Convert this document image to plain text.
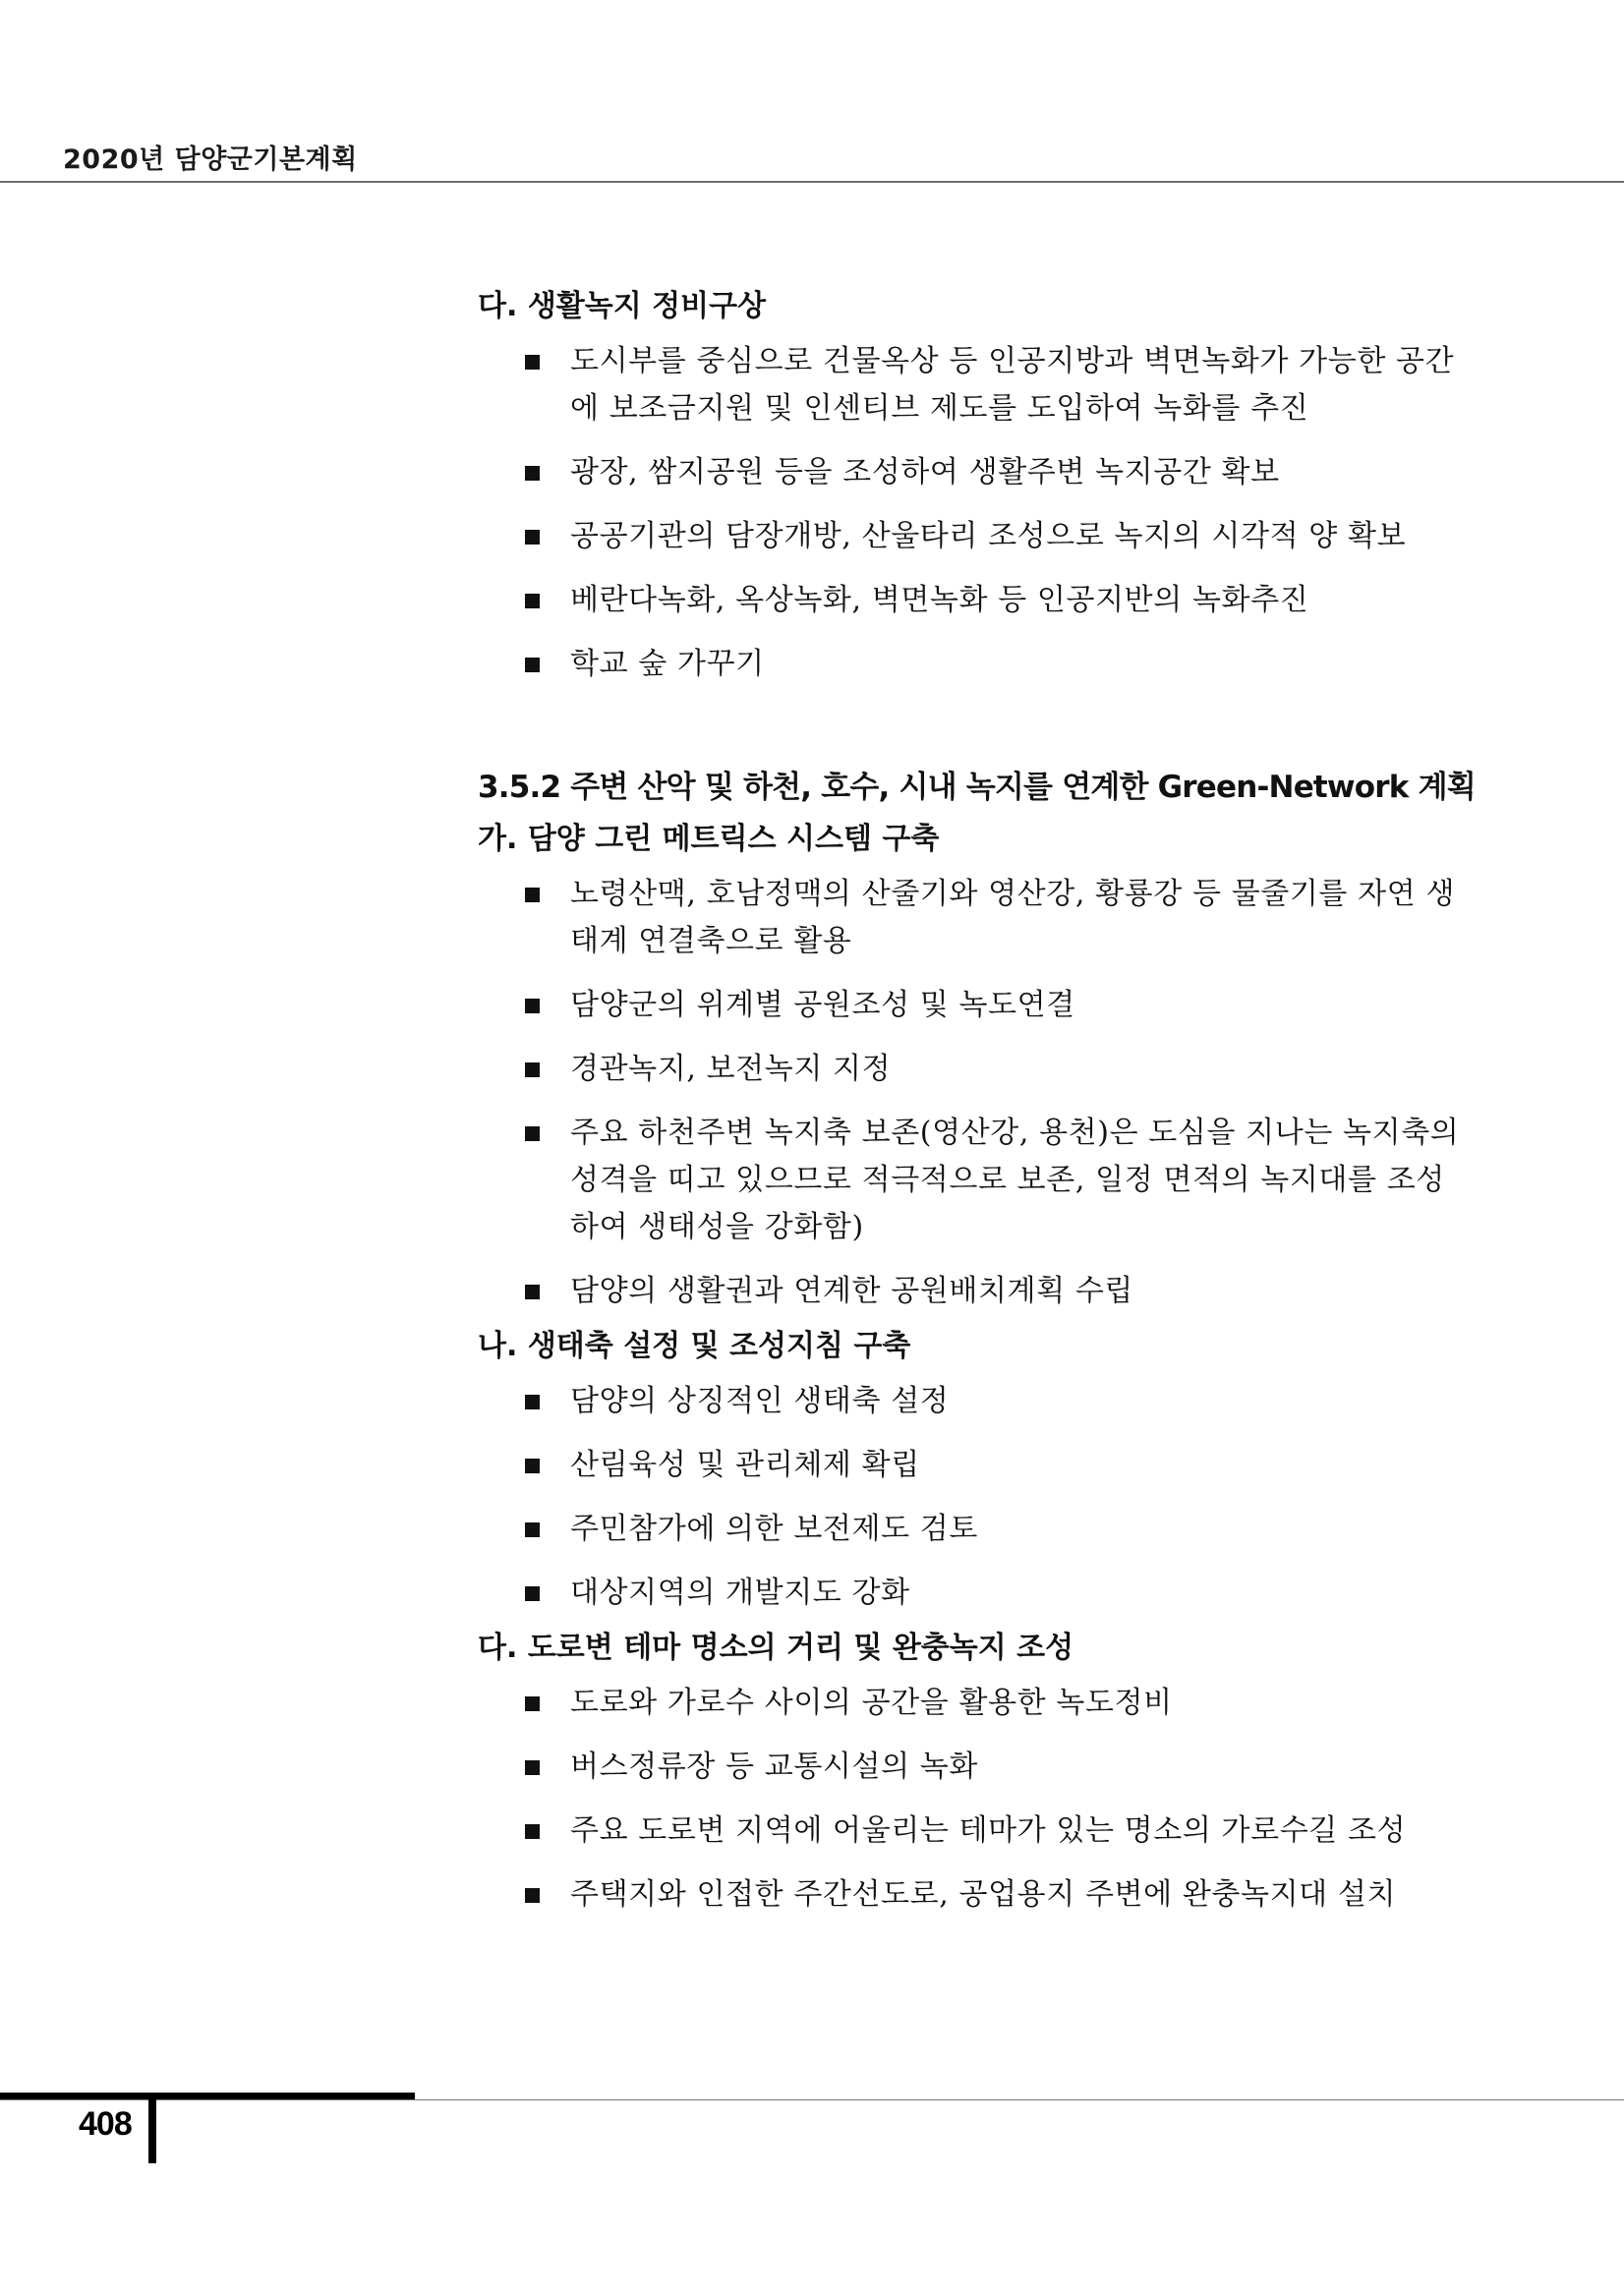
2020년 담양군기본계획
다. 생활녹지 정비구상
도시부를 중심으로 건물옥상 등 인공지방과 벽면녹화가 가능한 공간에 보조금지원 및 인센티브 제도를 도입하여 녹화를 추진
광장, 쌈지공원 등을 조성하여 생활주변 녹지공간 확보
공공기관의 담장개방, 산울타리 조성으로 녹지의 시각적 양 확보
베란다녹화, 옥상녹화, 벽면녹화 등 인공지반의 녹화추진
학교 숲 가꾸기
3.5.2 주변 산악 및 하천, 호수, 시내 녹지를 연계한 Green-Network 계획
가. 담양 그린 메트릭스 시스템 구축
노령산맥, 호남정맥의 산줄기와 영산강, 황룡강 등 물줄기를 자연 생태계 연결축으로 활용
담양군의 위계별 공원조성 및 녹도연결
경관녹지, 보전녹지 지정
주요 하천주변 녹지축 보존(영산강, 용천)은 도심을 지나는 녹지축의 성격을 띠고 있으므로 적극적으로 보존, 일정 면적의 녹지대를 조성하여 생태성을 강화함)
담양의 생활권과 연계한 공원배치계획 수립
나. 생태축 설정 및 조성지침 구축
담양의 상징적인 생태축 설정
산림육성 및 관리체제 확립
주민참가에 의한 보전제도 검토
대상지역의 개발지도 강화
다. 도로변 테마 명소의 거리 및 완충녹지 조성
도로와 가로수 사이의 공간을 활용한 녹도정비
버스정류장 등 교통시설의 녹화
주요 도로변 지역에 어울리는 테마가 있는 명소의 가로수길 조성
주택지와 인접한 주간선도로, 공업용지 주변에 완충녹지대 설치
408
